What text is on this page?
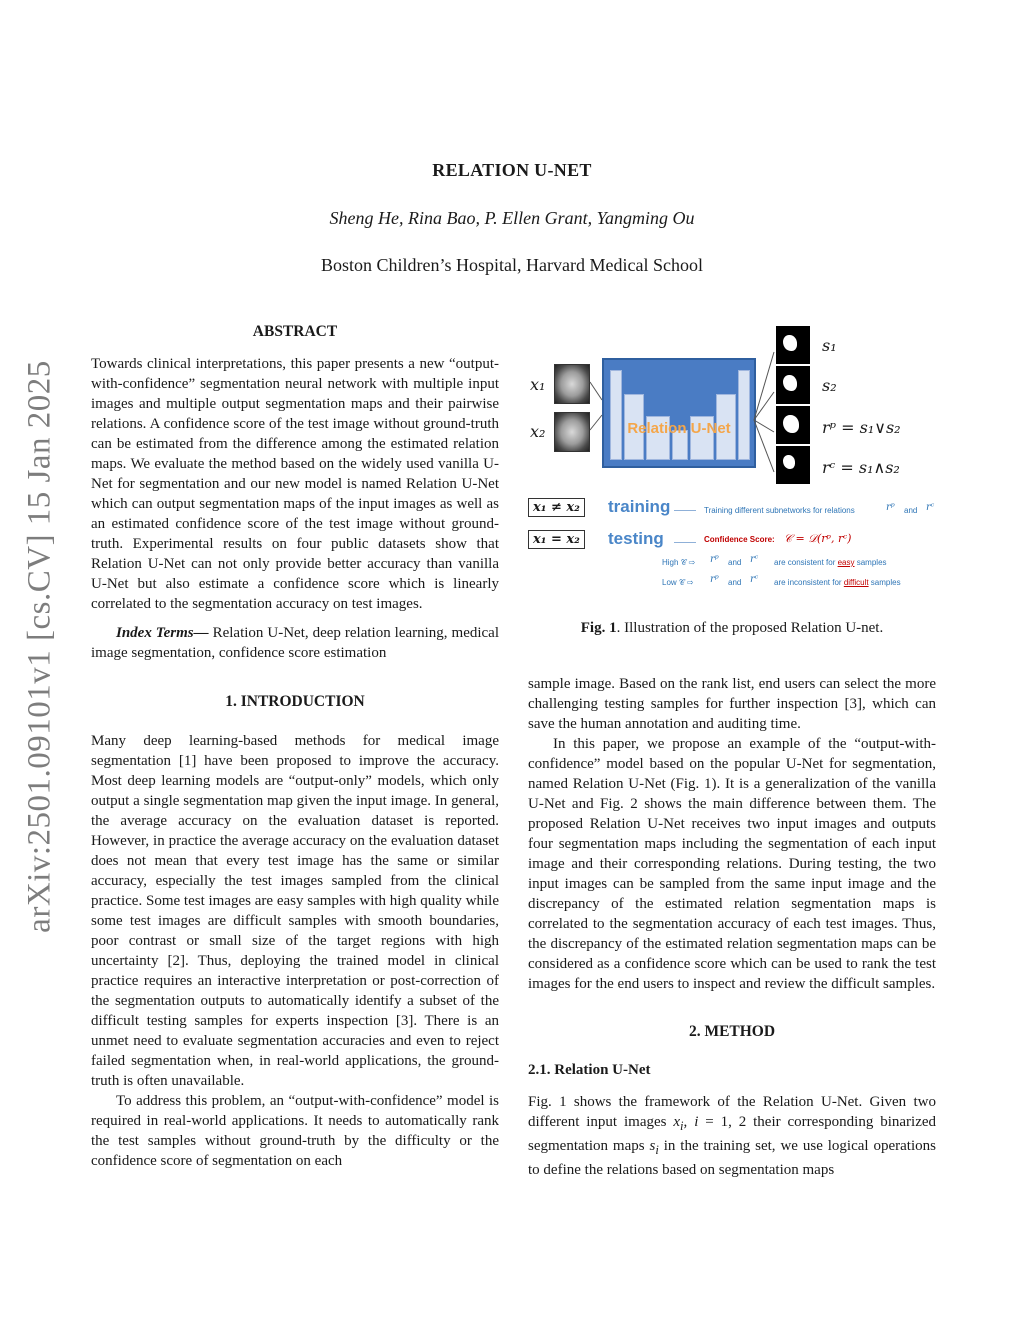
RELATION U-NET
Sheng He, Rina Bao, P. Ellen Grant, Yangming Ou
Boston Children’s Hospital, Harvard Medical School
arXiv:2501.09101v1 [cs.CV] 15 Jan 2025
ABSTRACT

Towards clinical interpretations, this paper presents a new “output-with-confidence” segmentation neural network with multiple input images and multiple output segmentation maps and their pairwise relations. A confidence score of the test image without ground-truth can be estimated from the difference among the estimated relation maps. We evaluate the method based on the widely used vanilla U-Net for segmentation and our new model is named Relation U-Net which can output segmentation maps of the input images as well as an estimated confidence score of the test image without ground-truth. Experimental results on four public datasets show that Relation U-Net can not only provide better accuracy than vanilla U-Net but also estimate a confidence score which is linearly correlated to the segmentation accuracy on test images.

Index Terms— Relation U-Net, deep relation learning, medical image segmentation, confidence score estimation

1. INTRODUCTION

Many deep learning-based methods for medical image segmentation [1] have been proposed to improve the accuracy. Most deep learning models are “output-only” models, which only output a single segmentation map given the input image. In general, the average accuracy on the evaluation dataset is reported. However, in practice the average accuracy on the evaluation dataset does not mean that every test image has the same or similar accuracy, especially the test images sampled from the clinical practice. Some test images are easy samples with high quality while some test images are difficult samples with smooth boundaries, poor contrast or small size of the target regions with high uncertainty [2]. Thus, deploying the trained model in clinical practice requires an interactive interpretation or post-correction of the segmentation outputs to automatically identify a subset of the difficult testing samples for experts inspection [3]. There is an unmet need to evaluate segmentation accuracies and even to reject failed segmentation when, in real-world applications, the ground-truth is often unavailable.

To address this problem, an “output-with-confidence” model is required in real-world applications. It needs to automatically rank the test samples without ground-truth by the difficulty or the confidence score of segmentation on each

x₁
x₂	Relation U-Net
s₁
s₂
rᵖ = s₁∨s₂
rᶜ = s₁∧s₂
x₁ ≠ x₂
x₁ = x₂
training
testing
Training different subnetworks for relations	rᵖ and rᶜ
Confidence Score: 𝒞 = 𝒟(rᵖ, rᶜ)
High 𝒞 ⇨ rᵖ and rᶜ are consistent for easy samples
Low 𝒞 ⇨ rᵖ and rᶜ are inconsistent for difficult samples
Fig. 1. Illustration of the proposed Relation U-net.

sample image. Based on the rank list, end users can select the more challenging testing samples for further inspection [3], which can save the human annotation and auditing time.

In this paper, we propose an example of the “output-with-confidence” model based on the popular U-Net for segmentation, named Relation U-Net (Fig. 1). It is a generalization of the vanilla U-Net and Fig. 2 shows the main difference between them. The proposed Relation U-Net receives two input images and outputs four segmentation maps including the segmentation of each input image and their corresponding relations. During testing, the two input images can be sampled from the same input image and the discrepancy of the estimated relation segmentation maps is correlated to the segmentation accuracy of each test images. Thus, the discrepancy of the estimated relation segmentation maps can be considered as a confidence score which can be used to rank the test images for the end users to inspect and review the difficult samples.

2. METHOD
2.1. Relation U-Net

Fig. 1 shows the framework of the Relation U-Net. Given two different input images $x_i$, i = 1, 2 their corresponding binarized segmentation maps $s_i$ in the training set, we use logical operations to define the relations based on segmentation maps
